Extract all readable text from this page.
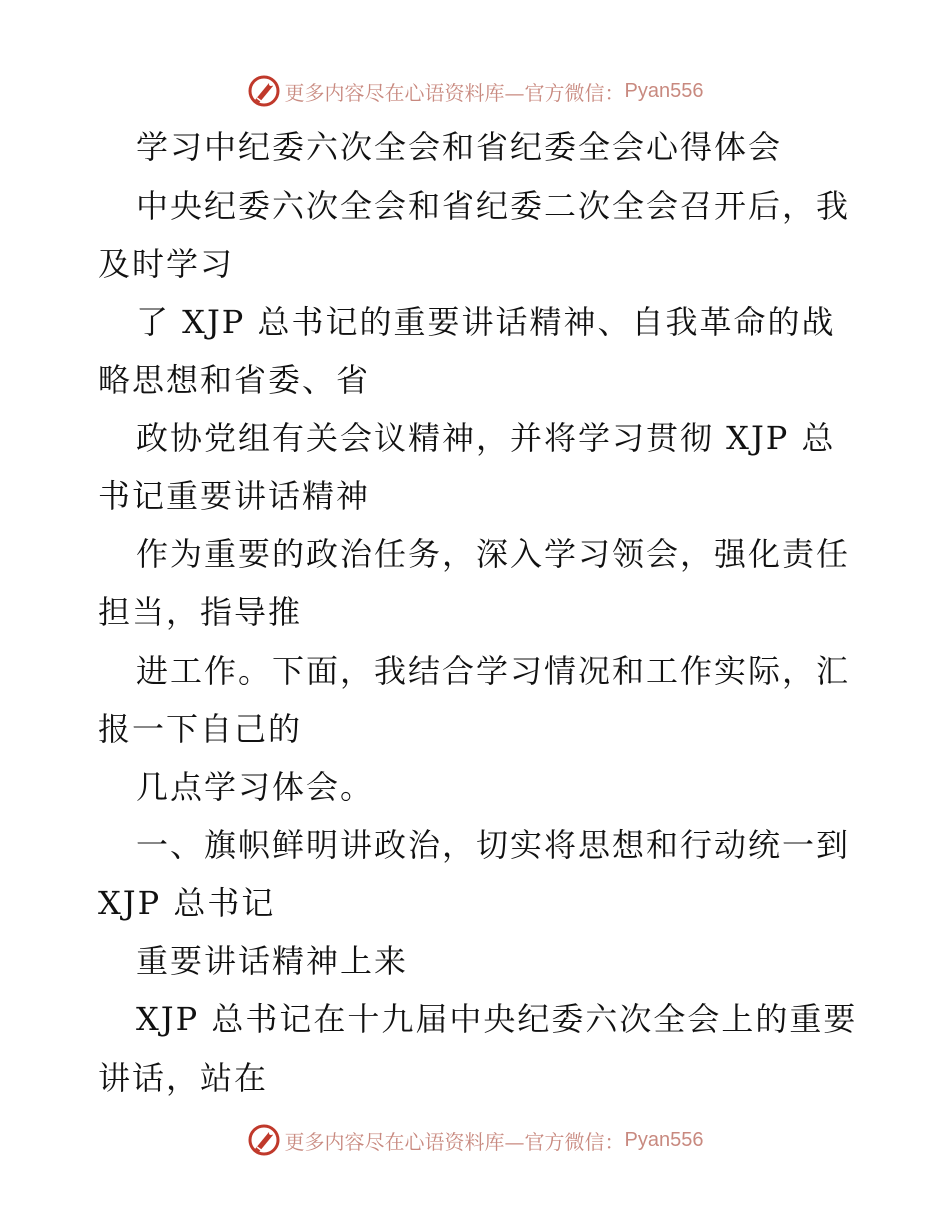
更多内容尽在心语资料库—官方微信： Pyan556
学习中纪委六次全会和省纪委全会心得体会
中央纪委六次全会和省纪委二次全会召开后，我
及时学习
了 XJP 总书记的重要讲话精神、自我革命的战
略思想和省委、省
政协党组有关会议精神，并将学习贯彻 XJP 总
书记重要讲话精神
作为重要的政治任务，深入学习领会，强化责任
担当，指导推
进工作。下面，我结合学习情况和工作实际，汇
报一下自己的
几点学习体会。
一、旗帜鲜明讲政治，切实将思想和行动统一到
XJP 总书记
重要讲话精神上来
XJP 总书记在十九届中央纪委六次全会上的重要
讲话，站在
更多内容尽在心语资料库—官方微信： Pyan556
